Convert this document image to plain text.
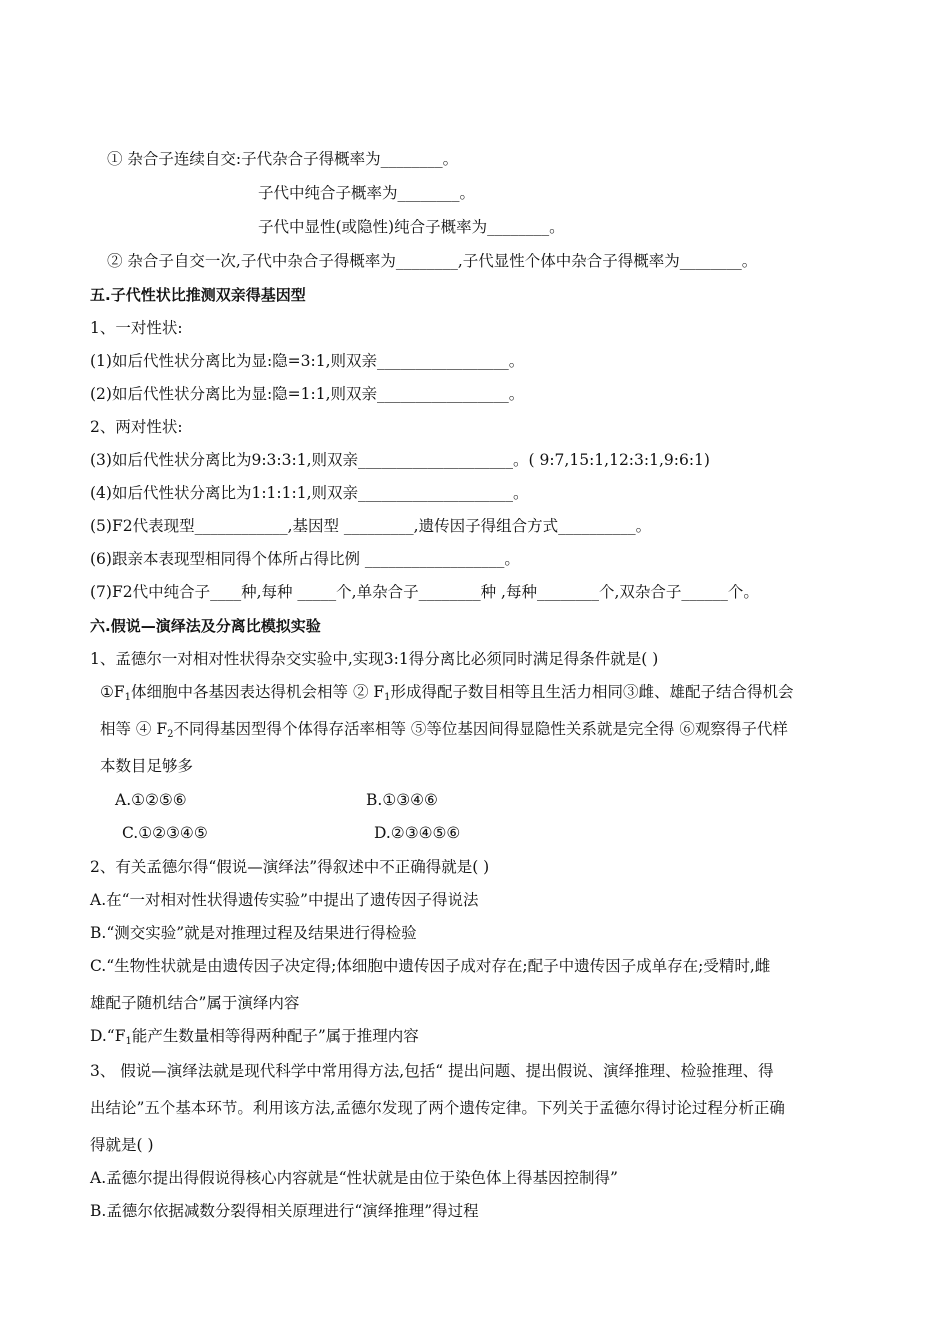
① 杂合子连续自交:子代杂合子得概率为________。
子代中纯合子概率为________。
子代中显性(或隐性)纯合子概率为________。
② 杂合子自交一次,子代中杂合子得概率为________,子代显性个体中杂合子得概率为________。
五.子代性状比推测双亲得基因型
1、一对性状:
(1)如后代性状分离比为显:隐=3:1,则双亲_________________。
(2)如后代性状分离比为显:隐=1:1,则双亲_________________。
2、两对性状:
(3)如后代性状分离比为9:3:3:1,则双亲____________________。( 9:7,15:1,12:3:1,9:6:1)
(4)如后代性状分离比为1:1:1:1,则双亲____________________。
(5)F2代表现型____________,基因型 _________,遗传因子得组合方式__________。
(6)跟亲本表现型相同得个体所占得比例 __________________。
(7)F2代中纯合子____种,每种 _____个,单杂合子________种 ,每种________个,双杂合子______个。
六.假说—演绎法及分离比模拟实验
1、孟德尔一对相对性状得杂交实验中,实现3:1得分离比必须同时满足得条件就是( )
$①F_1$体细胞中各基因表达得机会相等 ② $F_1$形成得配子数目相等且生活力相同③雌、雄配子结合得机会
相等 ④ $F_2$不同得基因型得个体得存活率相等 ⑤等位基因间得显隐性关系就是完全得 ⑥观察得子代样
本数目足够多
A.①②⑤⑥	B.①③④⑥
C.①②③④⑤	D.②③④⑤⑥
2、有关孟德尔得“假说—演绎法”得叙述中不正确得就是( )
A.在“一对相对性状得遗传实验”中提出了遗传因子得说法
B.“测交实验”就是对推理过程及结果进行得检验
C.“生物性状就是由遗传因子决定得;体细胞中遗传因子成对存在;配子中遗传因子成单存在;受精时,雌
雄配子随机结合”属于演绎内容
$D.“F_1$能产生数量相等得两种配子”属于推理内容
3、 假说—演绎法就是现代科学中常用得方法,包括“ 提出问题、提出假说、演绎推理、检验推理、得
出结论”五个基本环节。利用该方法,孟德尔发现了两个遗传定律。下列关于孟德尔得讨论过程分析正确
得就是( )
A.孟德尔提出得假说得核心内容就是“性状就是由位于染色体上得基因控制得”
B.孟德尔依据减数分裂得相关原理进行“演绎推理”得过程
